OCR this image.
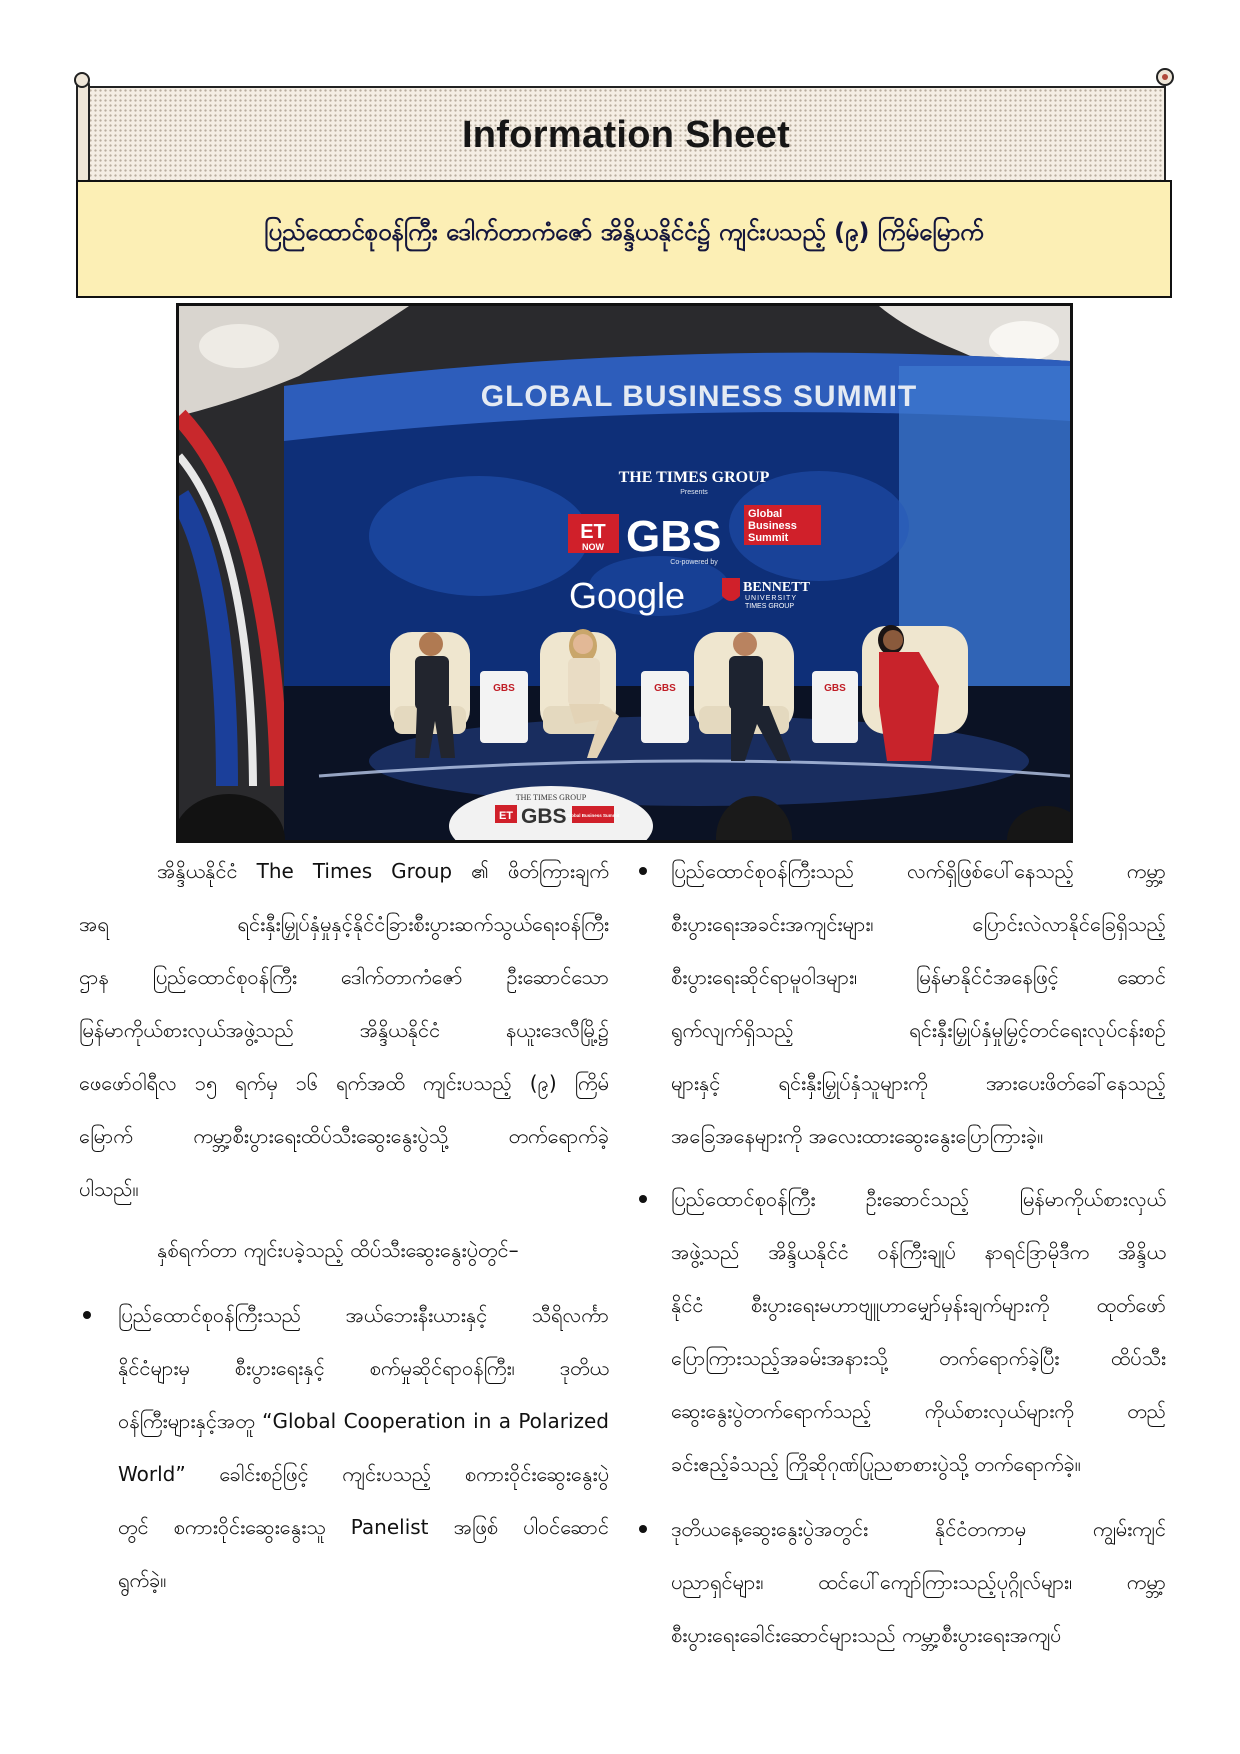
Information Sheet
ပြည်ထောင်စုဝန်ကြီး ဒေါက်တာကံဇော် အိန္ဒိယနိုင်ငံ၌ ကျင်းပသည့် (၉) ကြိမ်မြောက်
GLOBAL BUSINESS SUMMIT
THE TIMES GROUP
Presents
ET
NOW GBS Global
Business
Summit
Co-powered by
Google	BENNETT
UNIVERSITY
TIMES GROUP
GBS	GBS	GBS
THE TIMES GROUP
ET GBS Global Business Summit
အိန္ဒိယနိုင်ငံ The Times Group ၏ ဖိတ်ကြားချက်
အရ ရင်းနှီးမြှုပ်နှံမှုနှင့်နိုင်ငံခြားစီးပွားဆက်သွယ်ရေးဝန်ကြီး
ဌာန ပြည်ထောင်စုဝန်ကြီး ဒေါက်တာကံဇော် ဦးဆောင်သော
မြန်မာကိုယ်စားလှယ်အဖွဲ့သည် အိန္ဒိယနိုင်ငံ နယူးဒေလီမြို့၌
ဖေဖော်ဝါရီလ ၁၅ ရက်မှ ၁၆ ရက်အထိ ကျင်းပသည့် (၉) ကြိမ်
မြောက် ကမ္ဘာ့စီးပွားရေးထိပ်သီးဆွေးနွေးပွဲသို့ တက်ရောက်ခဲ့
ပါသည်။
နှစ်ရက်တာ ကျင်းပခဲ့သည့် ထိပ်သီးဆွေးနွေးပွဲတွင်–
ပြည်ထောင်စုဝန်ကြီးသည် အယ်ဘေးနီးယားနှင့် သီရိလင်္ကာ
နိုင်ငံများမှ စီးပွားရေးနှင့် စက်မှုဆိုင်ရာဝန်ကြီး၊ ဒုတိယ
ဝန်ကြီးများနှင့်အတူ “Global Cooperation in a Polarized
World” ခေါင်းစဉ်ဖြင့် ကျင်းပသည့် စကားဝိုင်းဆွေးနွေးပွဲ
တွင် စကားဝိုင်းဆွေးနွေးသူ Panelist အဖြစ် ပါဝင်ဆောင်
ရွက်ခဲ့။
ပြည်ထောင်စုဝန်ကြီးသည် လက်ရှိဖြစ်ပေါ်နေသည့် ကမ္ဘာ့
စီးပွားရေးအခင်းအကျင်းများ၊ ပြောင်းလဲလာနိုင်ခြေရှိသည့်
စီးပွားရေးဆိုင်ရာမူဝါဒများ၊ မြန်မာနိုင်ငံအနေဖြင့် ဆောင်
ရွက်လျက်ရှိသည့် ရင်းနှီးမြှုပ်နှံမှုမြှင့်တင်ရေးလုပ်ငန်းစဉ်
များနှင့် ရင်းနှီးမြှုပ်နှံသူများကို အားပေးဖိတ်ခေါ်နေသည့်
အခြေအနေများကို အလေးထားဆွေးနွေးပြောကြားခဲ့။
ပြည်ထောင်စုဝန်ကြီး ဦးဆောင်သည့် မြန်မာကိုယ်စားလှယ်
အဖွဲ့သည် အိန္ဒိယနိုင်ငံ ဝန်ကြီးချုပ် နာရင်ဒြာမိုဒီက အိန္ဒိယ
နိုင်ငံ စီးပွားရေးမဟာဗျူဟာမျှော်မှန်းချက်များကို ထုတ်ဖော်
ပြောကြားသည့်အခမ်းအနားသို့ တက်ရောက်ခဲ့ပြီး ထိပ်သီး
ဆွေးနွေးပွဲတက်ရောက်သည့် ကိုယ်စားလှယ်များကို တည်
ခင်းဧည့်ခံသည့် ကြိုဆိုဂုဏ်ပြုညစာစားပွဲသို့ တက်ရောက်ခဲ့။
ဒုတိယနေ့ဆွေးနွေးပွဲအတွင်း နိုင်ငံတကာမှ ကျွမ်းကျင်
ပညာရှင်များ၊ ထင်ပေါ်ကျော်ကြားသည့်ပုဂ္ဂိုလ်များ၊ ကမ္ဘာ့
စီးပွားရေးခေါင်းဆောင်များသည် ကမ္ဘာ့စီးပွားရေးအကျပ်
